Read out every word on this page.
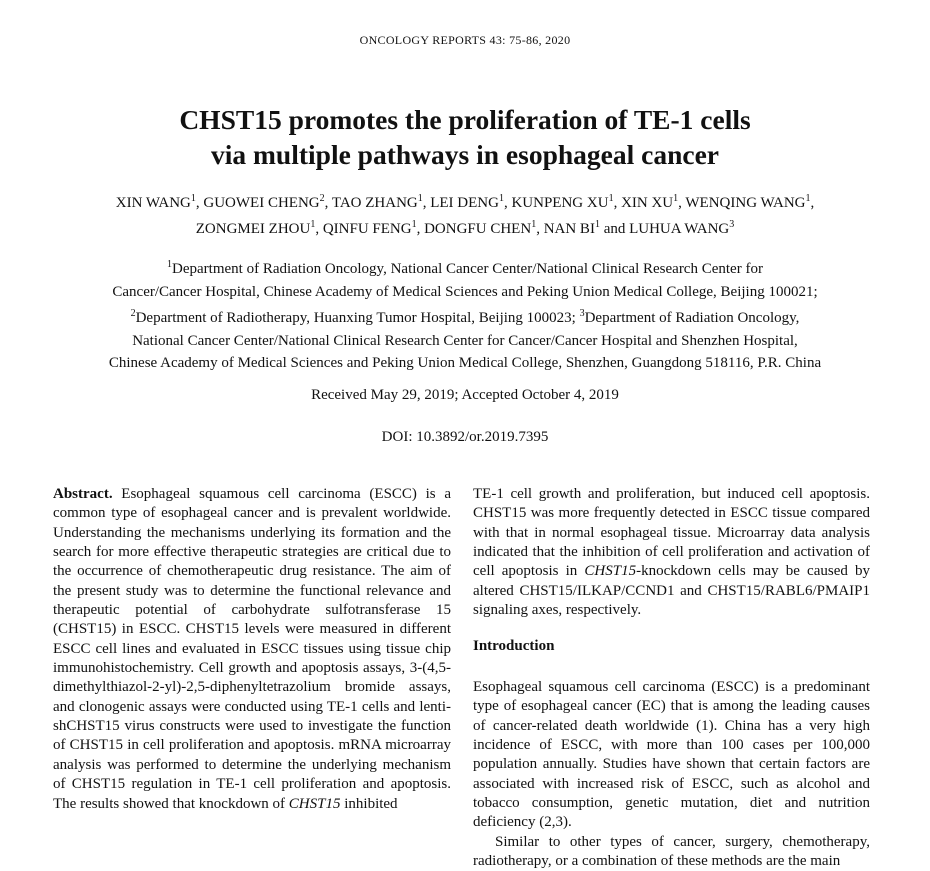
ONCOLOGY REPORTS 43: 75-86, 2020
CHST15 promotes the proliferation of TE-1 cells
via multiple pathways in esophageal cancer
XIN WANG$^1$, GUOWEI CHENG$^2$, TAO ZHANG$^1$, LEI DENG$^1$, KUNPENG $XU^1$, XIN $XU^1$, WENQING WANG$^1$,
ZONGMEI ZHOU$^1$, QINFU FENG$^1$, DONGFU CHEN$^1$, NAN $BI^1$ and LUHUA WANG$^3$
$^1$Department of Radiation Oncology, National Cancer Center/National Clinical Research Center for
Cancer/Cancer Hospital, Chinese Academy of Medical Sciences and Peking Union Medical College, Beijing 100021;
$^2$Department of Radiotherapy, Huanxing Tumor Hospital, Beijing 100023; $^3$Department of Radiation Oncology,
National Cancer Center/National Clinical Research Center for Cancer/Cancer Hospital and Shenzhen Hospital,
Chinese Academy of Medical Sciences and Peking Union Medical College, Shenzhen, Guangdong 518116, P.R. China
Received May 29, 2019; Accepted October 4, 2019
DOI: 10.3892/or.2019.7395

Abstract. Esophageal squamous cell carcinoma (ESCC) is a common type of esophageal cancer and is prevalent worldwide. Understanding the mechanisms underlying its formation and the search for more effective therapeutic strategies are critical due to the occurrence of chemotherapeutic drug resistance. The aim of the present study was to determine the functional relevance and therapeutic potential of carbohydrate sulfotransferase 15 (CHST15) in ESCC. CHST15 levels were measured in different ESCC cell lines and evaluated in ESCC tissues using tissue chip immunohistochemistry. Cell growth and apoptosis assays, 3-(4,5-dimethylthiazol-2-yl)-2,5-diphenyltetrazolium bromide assays, and clonogenic assays were conducted using TE-1 cells and lenti-shCHST15 virus constructs were used to investigate the function of CHST15 in cell proliferation and apoptosis. mRNA microarray analysis was performed to determine the underlying mechanism of CHST15 regulation in TE-1 cell proliferation and apoptosis. The results showed that knockdown of CHST15 inhibited

TE-1 cell growth and proliferation, but induced cell apoptosis. CHST15 was more frequently detected in ESCC tissue compared with that in normal esophageal tissue. Microarray data analysis indicated that the inhibition of cell proliferation and activation of cell apoptosis in CHST15-knockdown cells may be caused by altered CHST15/ILKAP/CCND1 and CHST15/RABL6/PMAIP1 signaling axes, respectively.

Introduction

Esophageal squamous cell carcinoma (ESCC) is a predominant type of esophageal cancer (EC) that is among the leading causes of cancer-related death worldwide (1). China has a very high incidence of ESCC, with more than 100 cases per 100,000 population annually. Studies have shown that certain factors are associated with increased risk of ESCC, such as alcohol and tobacco consumption, genetic mutation, diet and nutrition deficiency (2,3).

Similar to other types of cancer, surgery, chemotherapy, radiotherapy, or a combination of these methods are the main
